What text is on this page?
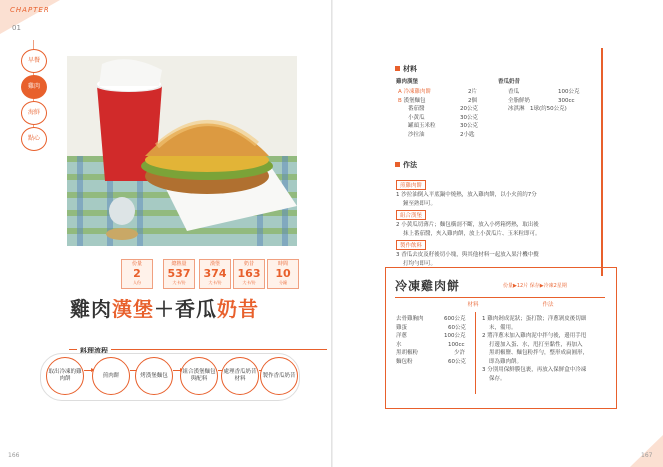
CHAPTER
01
早餐
雞肉
海鮮
點心
份量
2
人份
總熱量
537
大卡/份
漢堡
374
大卡/份
奶昔
163
大卡/份
時間
10
分鐘
雞肉漢堡＋香瓜奶昔
料理流程
取出冷凍的雞肉餅
煎肉餅	烤漢堡麵包
組合漢堡麵包與配料
處理香瓜奶昔材料
製作香瓜奶昔
166
材料
雞肉漢堡
A 冷凍雞肉餅	2片
B 漢堡麵包	2個
番茄醬	20公克
小黃瓜	30公克
罐頭玉米粒	30公克
沙拉油	2小匙
香瓜奶昔
香瓜	100公克
全脂鮮奶	300cc
冰淇淋 1球(約50公克)
作法
煎雞肉餅
1 沙拉油倒入平底鍋中燒熱，放入雞肉餅，以小火煎約7分
鐘至熟即可。
組合漢堡
2 小黃瓜切薄片；麵包橫剖不斷，放入小烤箱烤熱，取出後
抹上番茄醬，夾入雞肉餅，放上小黃瓜片、玉米粒即可。
製作飲料
3 香瓜去皮及籽後切小塊，與其他材料一起放入果汁機中攪
打均勻即可。
冷凍雞肉餅	份量▶12片 保存▶冷凍2星期
材料	作法
去骨雞胸肉	600公克
雞蛋	60公克
洋蔥	100公克
水	100cc
黑胡椒粉	少許
麵包粉	60公克
1 雞肉剁成泥狀；蛋打散；洋蔥剝皮後切細
末，備用。
2 將洋蔥末加入雞肉泥中拌勻後，邊用手甩
打邊加入蛋、水，甩打至黏性，再加入
黑胡椒鹽、麵包粉拌勻，整形成扁圓形，
即為雞肉餅。
3 分別用保鮮膜包裹，再放入保鮮盒中冷凍
保存。
167
